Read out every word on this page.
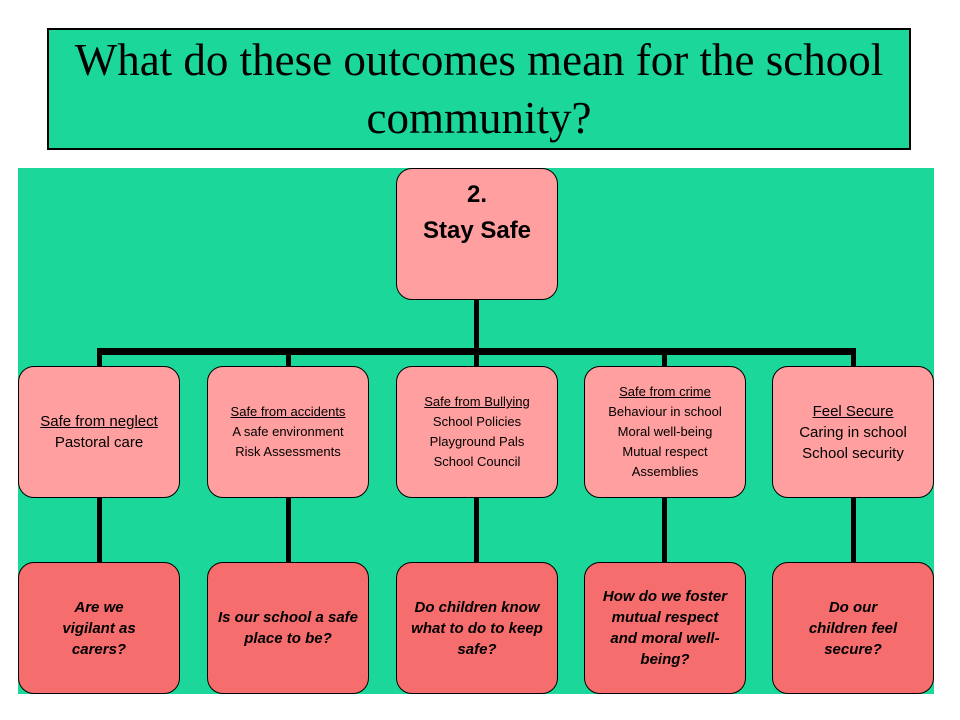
What do these outcomes mean for the school community?
2.
Stay Safe
Safe from neglect
Pastoral care
Safe from accidents
A safe environment
Risk Assessments
Safe from Bullying
School Policies
Playground Pals
School Council
Safe from crime
Behaviour in school
Moral well-being
Mutual respect
Assemblies
Feel Secure
Caring in school
School security
Are we vigilant as carers?
Is our school a safe place to be?
Do children know what to do to keep safe?
How do we foster mutual respect and moral well-being?
Do our children feel secure?
